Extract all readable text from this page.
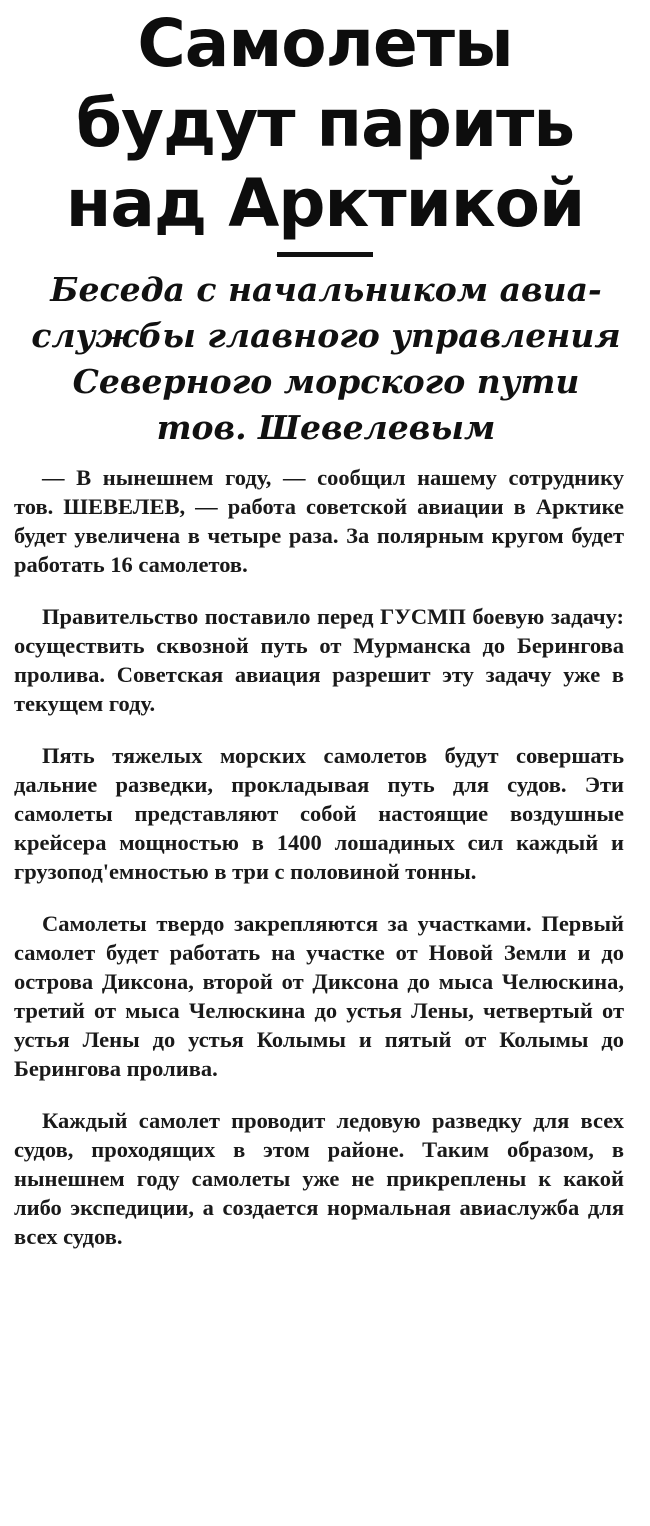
Самолеты
будут парить
над Арктикой
Беседа с начальником авиа-
службы главного управления
Северного морского пути
тов. Шевелевым

— В нынешнем году, — сообщил нашему сотруднику тов. ШЕВЕЛЕВ, — работа советской авиации в Арктике будет увеличена в четыре раза. За полярным кругом будет работать 16 самолетов.

Правительство поставило перед ГУСМП боевую задачу: осуществить сквозной путь от Мурманска до Берингова пролива. Советская авиация разрешит эту задачу уже в текущем году.

Пять тяжелых морских самолетов будут совершать дальние разведки, прокладывая путь для судов. Эти самолеты представляют собой настоящие воздушные крейсера мощностью в 1400 лошадиных сил каждый и грузопод'емностью в три с половиной тонны.

Самолеты твердо закрепляются за участками. Первый самолет будет работать на участке от Новой Земли и до острова Диксона, второй от Диксона до мыса Челюскина, третий от мыса Челюскина до устья Лены, четвертый от устья Лены до устья Колымы и пятый от Колымы до Берингова пролива.

Каждый самолет проводит ледовую разведку для всех судов, проходящих в этом районе. Таким образом, в нынешнем году самолеты уже не прикреплены к какой либо экспедиции, а создается нормальная авиаслужба для всех судов.
